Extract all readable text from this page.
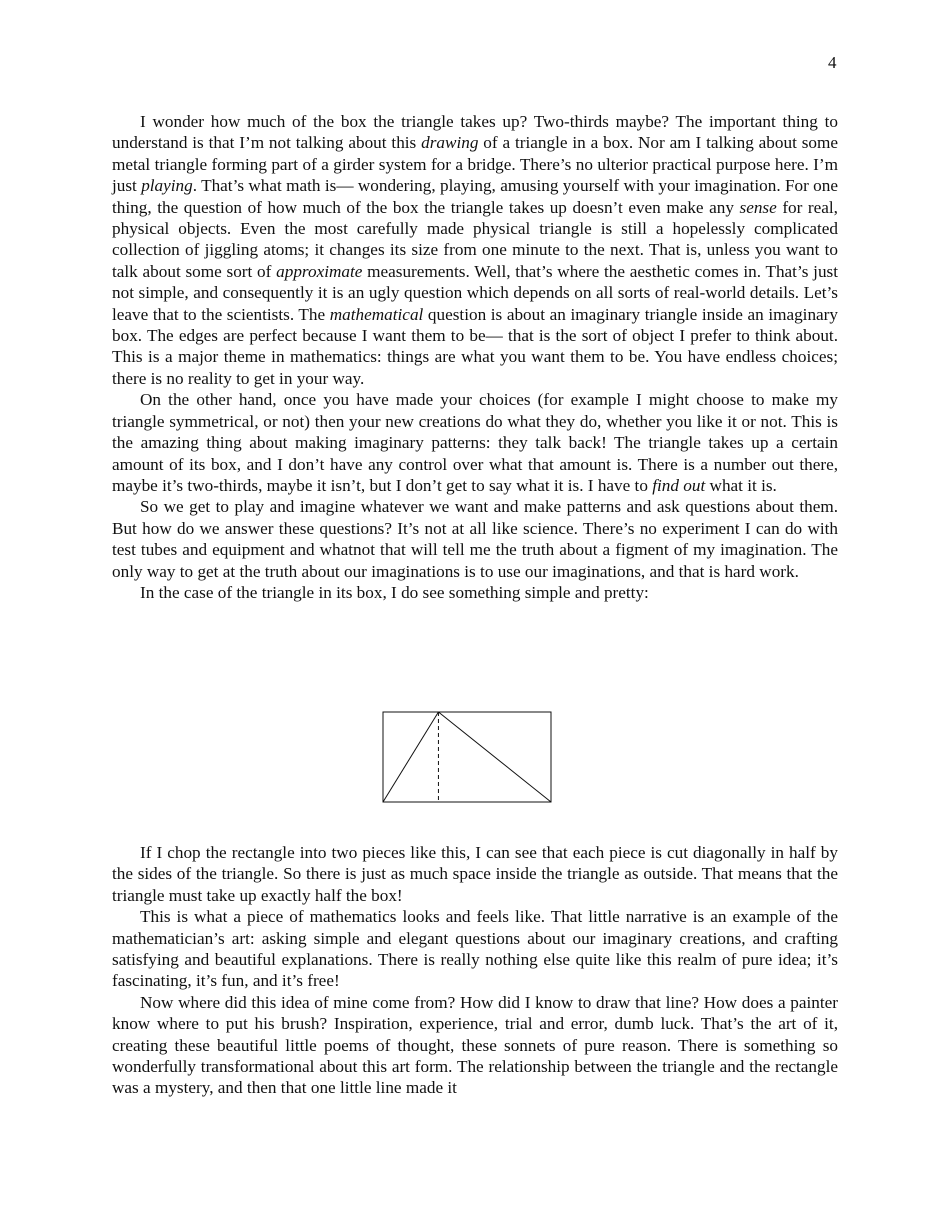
4

I wonder how much of the box the triangle takes up? Two-thirds maybe? The important thing to understand is that I’m not talking about this drawing of a triangle in a box. Nor am I talking about some metal triangle forming part of a girder system for a bridge. There’s no ulterior practical purpose here. I’m just playing. That’s what math is— wondering, playing, amusing yourself with your imagination. For one thing, the question of how much of the box the triangle takes up doesn’t even make any sense for real, physical objects. Even the most carefully made physical triangle is still a hopelessly complicated collection of jiggling atoms; it changes its size from one minute to the next. That is, unless you want to talk about some sort of approximate measurements. Well, that’s where the aesthetic comes in. That’s just not simple, and consequently it is an ugly question which depends on all sorts of real-world details. Let’s leave that to the scientists. The mathematical question is about an imaginary triangle inside an imaginary box. The edges are perfect because I want them to be— that is the sort of object I prefer to think about. This is a major theme in mathematics: things are what you want them to be. You have endless choices; there is no reality to get in your way.

On the other hand, once you have made your choices (for example I might choose to make my triangle symmetrical, or not) then your new creations do what they do, whether you like it or not. This is the amazing thing about making imaginary patterns: they talk back! The triangle takes up a certain amount of its box, and I don’t have any control over what that amount is. There is a number out there, maybe it’s two-thirds, maybe it isn’t, but I don’t get to say what it is. I have to find out what it is.

So we get to play and imagine whatever we want and make patterns and ask questions about them. But how do we answer these questions? It’s not at all like science. There’s no experiment I can do with test tubes and equipment and whatnot that will tell me the truth about a figment of my imagination. The only way to get at the truth about our imaginations is to use our imaginations, and that is hard work.

In the case of the triangle in its box, I do see something simple and pretty:

If I chop the rectangle into two pieces like this, I can see that each piece is cut diagonally in half by the sides of the triangle. So there is just as much space inside the triangle as outside. That means that the triangle must take up exactly half the box!

This is what a piece of mathematics looks and feels like. That little narrative is an example of the mathematician’s art: asking simple and elegant questions about our imaginary creations, and crafting satisfying and beautiful explanations. There is really nothing else quite like this realm of pure idea; it’s fascinating, it’s fun, and it’s free!

Now where did this idea of mine come from? How did I know to draw that line? How does a painter know where to put his brush? Inspiration, experience, trial and error, dumb luck. That’s the art of it, creating these beautiful little poems of thought, these sonnets of pure reason. There is something so wonderfully transformational about this art form. The relationship between the triangle and the rectangle was a mystery, and then that one little line made it
